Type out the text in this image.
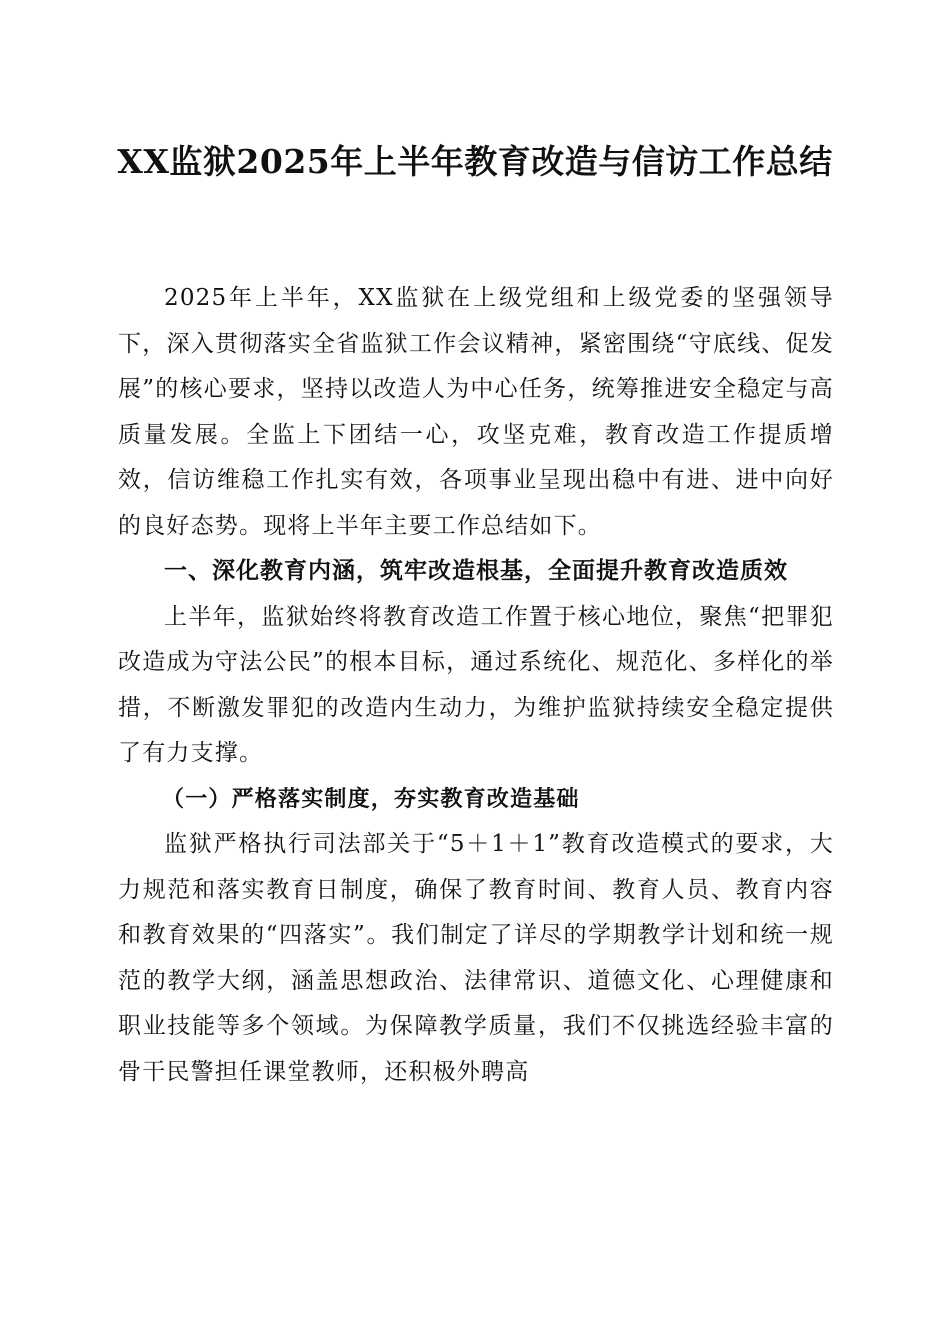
XX监狱2025年上半年教育改造与信访工作总结

2025年上半年，XX监狱在上级党组和上级党委的坚强领导下，深入贯彻落实全省监狱工作会议精神，紧密围绕“守底线、促发展”的核心要求，坚持以改造人为中心任务，统筹推进安全稳定与高质量发展。全监上下团结一心，攻坚克难，教育改造工作提质增效，信访维稳工作扎实有效，各项事业呈现出稳中有进、进中向好的良好态势。现将上半年主要工作总结如下。

一、深化教育内涵，筑牢改造根基，全面提升教育改造质效

上半年，监狱始终将教育改造工作置于核心地位，聚焦“把罪犯改造成为守法公民”的根本目标，通过系统化、规范化、多样化的举措，不断激发罪犯的改造内生动力，为维护监狱持续安全稳定提供了有力支撑。

（一）严格落实制度，夯实教育改造基础

监狱严格执行司法部关于“5＋1＋1”教育改造模式的要求，大力规范和落实教育日制度，确保了教育时间、教育人员、教育内容和教育效果的“四落实”。我们制定了详尽的学期教学计划和统一规范的教学大纲，涵盖思想政治、法律常识、道德文化、心理健康和职业技能等多个领域。为保障教学质量，我们不仅挑选经验丰富的骨干民警担任课堂教师，还积极外聘高
